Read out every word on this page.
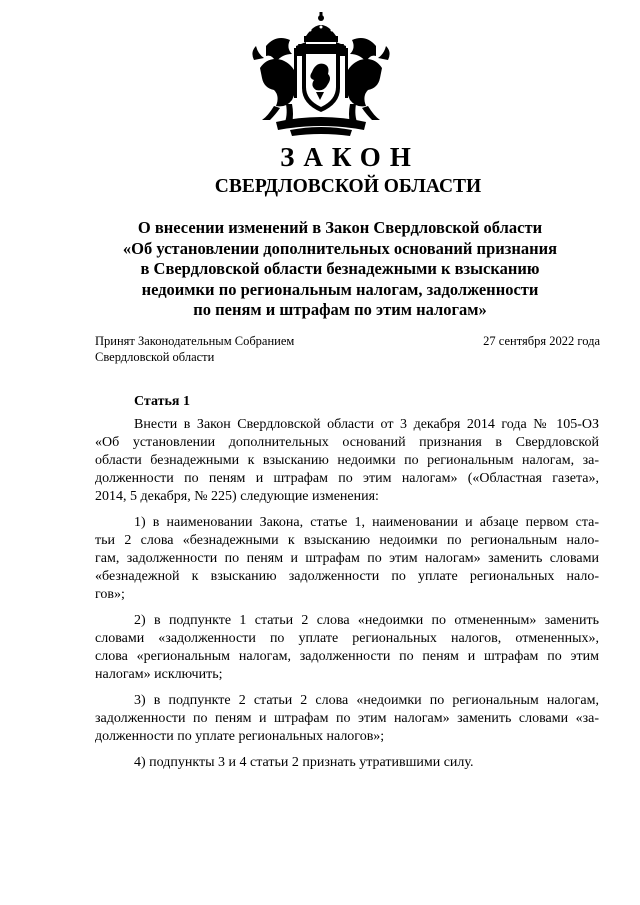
ЗАКОН
СВЕРДЛОВСКОЙ ОБЛАСТИ
О внесении изменений в Закон Свердловской области
«Об установлении дополнительных оснований признания
в Свердловской области безнадежными к взысканию
недоимки по региональным налогам, задолженности
по пеням и штрафам по этим налогам»
Принят Законодательным Собранием
Свердловской области
27 сентября 2022 года
Статья 1
Внести в Закон Свердловской области от 3 декабря 2014 года № 105-ОЗ
«Об установлении дополнительных оснований признания в Свердловской
области безнадежными к взысканию недоимки по региональным налогам, за-
долженности по пеням и штрафам по этим налогам» («Областная газета»,
2014, 5 декабря, № 225) следующие изменения:
1) в наименовании Закона, статье 1, наименовании и абзаце первом ста-
тьи 2 слова «безнадежными к взысканию недоимки по региональным нало-
гам, задолженности по пеням и штрафам по этим налогам» заменить словами
«безнадежной к взысканию задолженности по уплате региональных нало-
гов»;
2) в подпункте 1 статьи 2 слова «недоимки по отмененным» заменить
словами «задолженности по уплате региональных налогов, отмененных»,
слова «региональным налогам, задолженности по пеням и штрафам по этим
налогам» исключить;
3) в подпункте 2 статьи 2 слова «недоимки по региональным налогам,
задолженности по пеням и штрафам по этим налогам» заменить словами «за-
долженности по уплате региональных налогов»;
4) подпункты 3 и 4 статьи 2 признать утратившими силу.
